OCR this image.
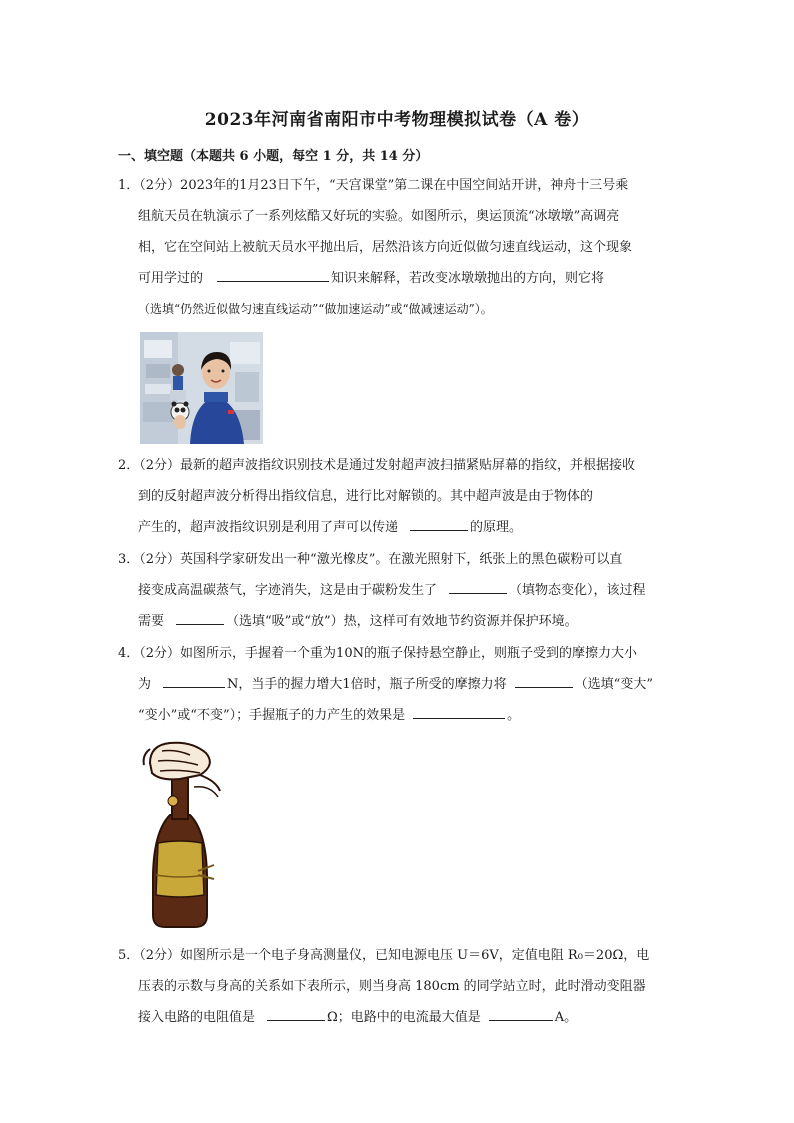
2023年河南省南阳市中考物理模拟试卷（A 卷）
一、填空题（本题共 6 小题，每空 1 分，共 14 分）
1．（2分）2023年的1月23日下午，“天宫课堂”第二课在中国空间站开讲，神舟十三号乘
组航天员在轨演示了一系列炫酷又好玩的实验。如图所示，奥运顶流“冰墩墩”高调亮
相，它在空间站上被航天员水平抛出后，居然沿该方向近似做匀速直线运动，这个现象
可用学过的	知识来解释，若改变冰墩墩抛出的方向，则它将
（选填“仍然近似做匀速直线运动”“做加速运动”或“做减速运动”）。
2．（2分）最新的超声波指纹识别技术是通过发射超声波扫描紧贴屏幕的指纹，并根据接收
到的反射超声波分析得出指纹信息，进行比对解锁的。其中超声波是由于物体的
产生的，超声波指纹识别是利用了声可以传递	的原理。
3．（2分）英国科学家研发出一种“激光橡皮”。在激光照射下，纸张上的黑色碳粉可以直
接变成高温碳蒸气，字迹消失，这是由于碳粉发生了	（填物态变化），该过程
需要	（选填“吸”或“放”）热，这样可有效地节约资源并保护环境。
4．（2分）如图所示，手握着一个重为10N的瓶子保持悬空静止，则瓶子受到的摩擦力大小
为	N，当手的握力增大1倍时，瓶子所受的摩擦力将	（选填“变大”
“变小”或“不变”）；手握瓶子的力产生的效果是	。
5．（2分）如图所示是一个电子身高测量仪，已知电源电压 U＝6V，定值电阻 R₀＝20Ω，电
压表的示数与身高的关系如下表所示，则当身高 180cm 的同学站立时，此时滑动变阻器
接入电路的电阻值是	Ω；电路中的电流最大值是	A。
